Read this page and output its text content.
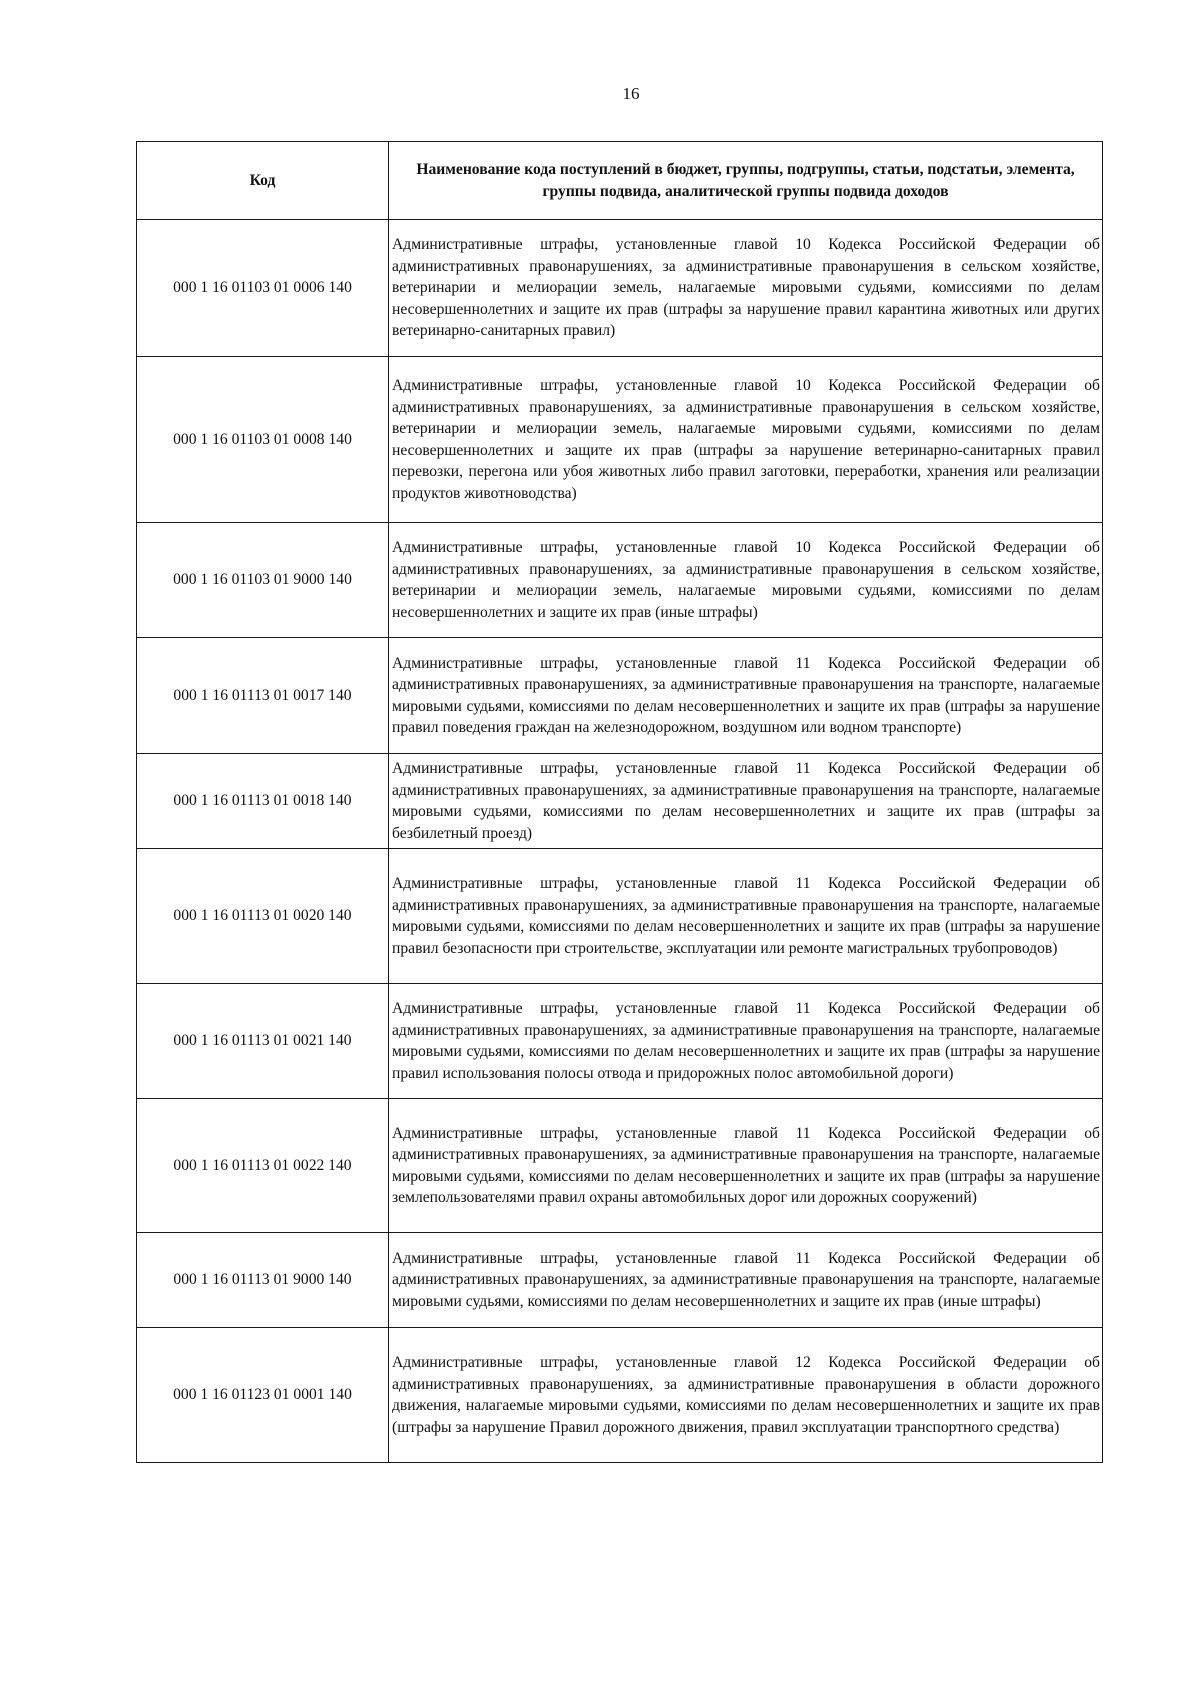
16
Код	Наименование кода поступлений в бюджет, группы, подгруппы, статьи, подстатьи, элемента, группы подвида, аналитической группы подвида доходов
000 1 16 01103 01 0006 140	Административные штрафы, установленные главой 10 Кодекса Российской Федерации об административных правонарушениях, за административные правонарушения в сельском хозяйстве, ветеринарии и мелиорации земель, налагаемые мировыми судьями, комиссиями по делам несовершеннолетних и защите их прав (штрафы за нарушение правил карантина животных или других ветеринарно-санитарных правил)
000 1 16 01103 01 0008 140	Административные штрафы, установленные главой 10 Кодекса Российской Федерации об административных правонарушениях, за административные правонарушения в сельском хозяйстве, ветеринарии и мелиорации земель, налагаемые мировыми судьями, комиссиями по делам несовершеннолетних и защите их прав (штрафы за нарушение ветеринарно-санитарных правил перевозки, перегона или убоя животных либо правил заготовки, переработки, хранения или реализации продуктов животноводства)
000 1 16 01103 01 9000 140	Административные штрафы, установленные главой 10 Кодекса Российской Федерации об административных правонарушениях, за административные правонарушения в сельском хозяйстве, ветеринарии и мелиорации земель, налагаемые мировыми судьями, комиссиями по делам несовершеннолетних и защите их прав (иные штрафы)
000 1 16 01113 01 0017 140	Административные штрафы, установленные главой 11 Кодекса Российской Федерации об административных правонарушениях, за административные правонарушения на транспорте, налагаемые мировыми судьями, комиссиями по делам несовершеннолетних и защите их прав (штрафы за нарушение правил поведения граждан на железнодорожном, воздушном или водном транспорте)
000 1 16 01113 01 0018 140	Административные штрафы, установленные главой 11 Кодекса Российской Федерации об административных правонарушениях, за административные правонарушения на транспорте, налагаемые мировыми судьями, комиссиями по делам несовершеннолетних и защите их прав (штрафы за безбилетный проезд)
000 1 16 01113 01 0020 140	Административные штрафы, установленные главой 11 Кодекса Российской Федерации об административных правонарушениях, за административные правонарушения на транспорте, налагаемые мировыми судьями, комиссиями по делам несовершеннолетних и защите их прав (штрафы за нарушение правил безопасности при строительстве, эксплуатации или ремонте магистральных трубопроводов)
000 1 16 01113 01 0021 140	Административные штрафы, установленные главой 11 Кодекса Российской Федерации об административных правонарушениях, за административные правонарушения на транспорте, налагаемые мировыми судьями, комиссиями по делам несовершеннолетних и защите их прав (штрафы за нарушение правил использования полосы отвода и придорожных полос автомобильной дороги)
000 1 16 01113 01 0022 140	Административные штрафы, установленные главой 11 Кодекса Российской Федерации об административных правонарушениях, за административные правонарушения на транспорте, налагаемые мировыми судьями, комиссиями по делам несовершеннолетних и защите их прав (штрафы за нарушение землепользователями правил охраны автомобильных дорог или дорожных сооружений)
000 1 16 01113 01 9000 140	Административные штрафы, установленные главой 11 Кодекса Российской Федерации об административных правонарушениях, за административные правонарушения на транспорте, налагаемые мировыми судьями, комиссиями по делам несовершеннолетних и защите их прав (иные штрафы)
000 1 16 01123 01 0001 140	Административные штрафы, установленные главой 12 Кодекса Российской Федерации об административных правонарушениях, за административные правонарушения в области дорожного движения, налагаемые мировыми судьями, комиссиями по делам несовершеннолетних и защите их прав (штрафы за нарушение Правил дорожного движения, правил эксплуатации транспортного средства)
